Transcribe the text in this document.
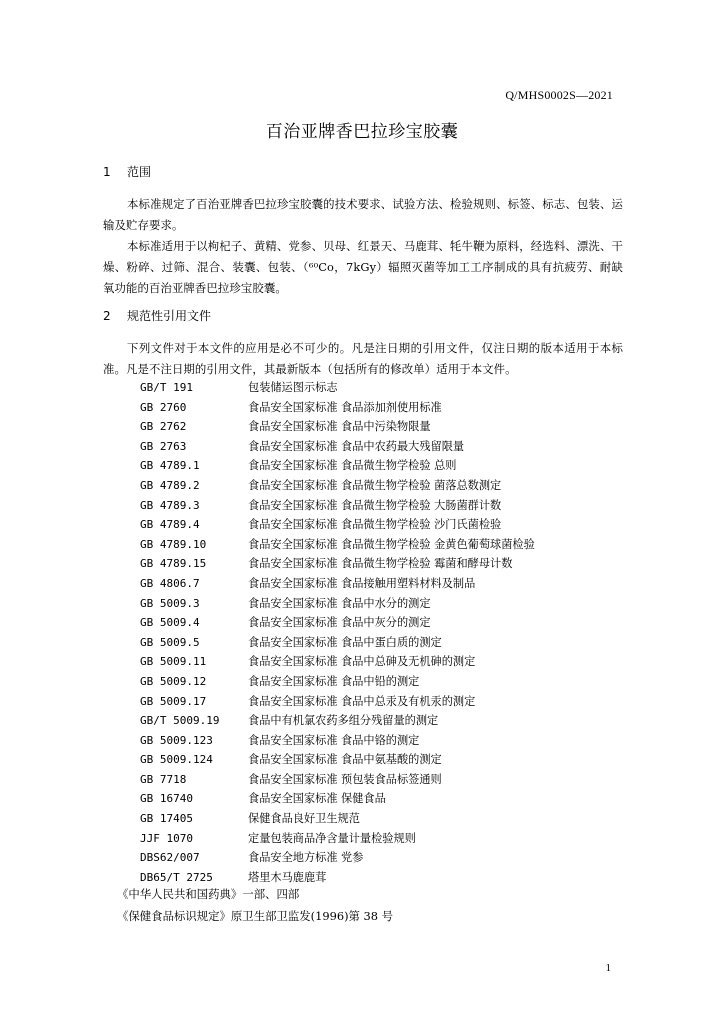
Q/MHS0002S—2021
百治亚牌香巴拉珍宝胶囊
1 范围
本标准规定了百治亚牌香巴拉珍宝胶囊的技术要求、试验方法、检验规则、标签、标志、包装、运输及贮存要求。
本标准适用于以枸杞子、黄精、党参、贝母、红景天、马鹿茸、牦牛鞭为原料，经选料、漂洗、干燥、粉碎、过筛、混合、装囊、包装、（⁶⁰Co，7kGy）辐照灭菌等加工工序制成的具有抗疲劳、耐缺氧功能的百治亚牌香巴拉珍宝胶囊。
2 规范性引用文件
下列文件对于本文件的应用是必不可少的。凡是注日期的引用文件，仅注日期的版本适用于本标准。凡是不注日期的引用文件，其最新版本（包括所有的修改单）适用于本文件。
GB/T 191	包装储运图示标志
GB 2760	食品安全国家标准 食品添加剂使用标准
GB 2762	食品安全国家标准 食品中污染物限量
GB 2763	食品安全国家标准 食品中农药最大残留限量
GB 4789.1	食品安全国家标准 食品微生物学检验 总则
GB 4789.2	食品安全国家标准 食品微生物学检验 菌落总数测定
GB 4789.3	食品安全国家标准 食品微生物学检验 大肠菌群计数
GB 4789.4	食品安全国家标准 食品微生物学检验 沙门氏菌检验
GB 4789.10	食品安全国家标准 食品微生物学检验 金黄色葡萄球菌检验
GB 4789.15	食品安全国家标准 食品微生物学检验 霉菌和酵母计数
GB 4806.7	食品安全国家标准 食品接触用塑料材料及制品
GB 5009.3	食品安全国家标准 食品中水分的测定
GB 5009.4	食品安全国家标准 食品中灰分的测定
GB 5009.5	食品安全国家标准 食品中蛋白质的测定
GB 5009.11	食品安全国家标准 食品中总砷及无机砷的测定
GB 5009.12	食品安全国家标准 食品中铅的测定
GB 5009.17	食品安全国家标准 食品中总汞及有机汞的测定
GB/T 5009.19	食品中有机氯农药多组分残留量的测定
GB 5009.123	食品安全国家标准 食品中铬的测定
GB 5009.124	食品安全国家标准 食品中氨基酸的测定
GB 7718	食品安全国家标准 预包装食品标签通则
GB 16740	食品安全国家标准 保健食品
GB 17405	保健食品良好卫生规范
JJF 1070	定量包装商品净含量计量检验规则
DBS62/007	食品安全地方标准 党参
DB65/T 2725	塔里木马鹿鹿茸
《中华人民共和国药典》一部、四部
《保健食品标识规定》原卫生部卫监发(1996)第 38 号
1
